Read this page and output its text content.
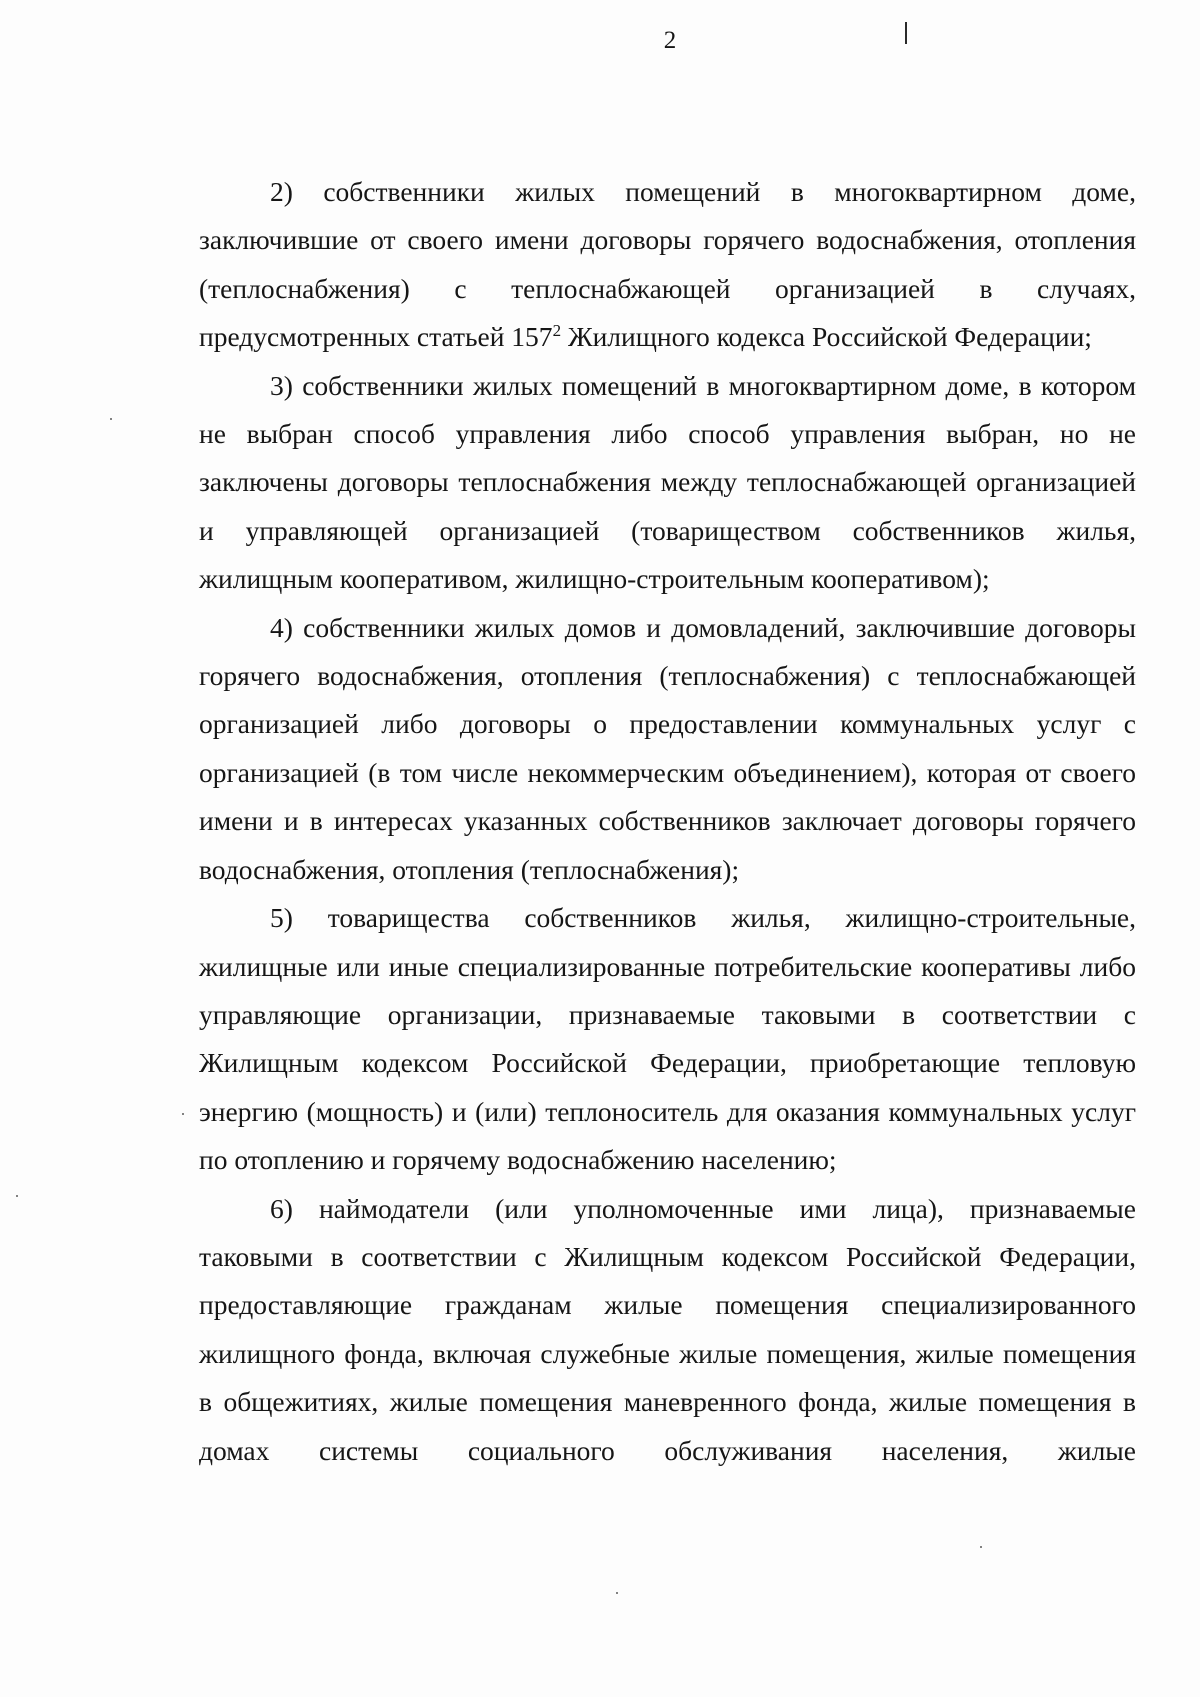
2

2) собственники жилых помещений в многоквартирном доме, заключившие от своего имени договоры горячего водоснабжения, отопления (теплоснабжения) с теплоснабжающей организацией в случаях, предусмотренных статьей $157^2$ Жилищного кодекса Российской Федерации;

3) собственники жилых помещений в многоквартирном доме, в котором не выбран способ управления либо способ управления выбран, но не заключены договоры теплоснабжения между теплоснабжающей организацией и управляющей организацией (товариществом собственников жилья, жилищным кооперативом, жилищно-строительным кооперативом);

4) собственники жилых домов и домовладений, заключившие договоры горячего водоснабжения, отопления (теплоснабжения) с теплоснабжающей организацией либо договоры о предоставлении коммунальных услуг с организацией (в том числе некоммерческим объединением), которая от своего имени и в интересах указанных собственников заключает договоры горячего водоснабжения, отопления (теплоснабжения);

5) товарищества собственников жилья, жилищно-строительные, жилищные или иные специализированные потребительские кооперативы либо управляющие организации, признаваемые таковыми в соответствии с Жилищным кодексом Российской Федерации, приобретающие тепловую энергию (мощность) и (или) теплоноситель для оказания коммунальных услуг по отоплению и горячему водоснабжению населению;

6) наймодатели (или уполномоченные ими лица), признаваемые таковыми в соответствии с Жилищным кодексом Российской Федерации, предоставляющие гражданам жилые помещения специализированного жилищного фонда, включая служебные жилые помещения, жилые помещения в общежитиях, жилые помещения маневренного фонда, жилые помещения в домах системы социального обслуживания населения, жилые
